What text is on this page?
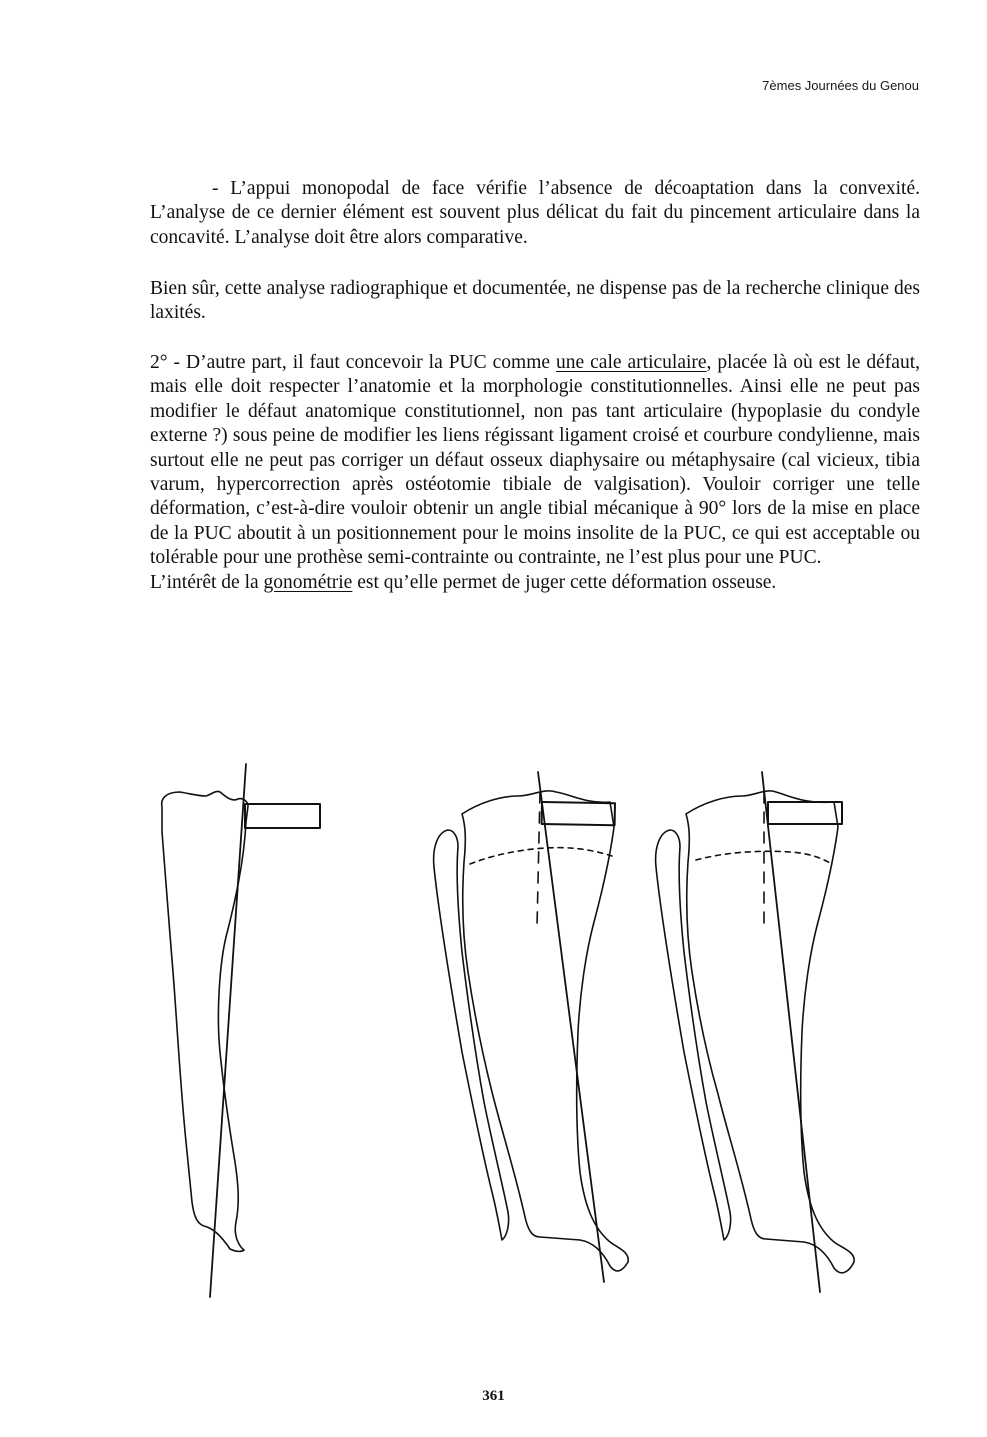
7èmes Journées du Genou

- L’appui monopodal de face vérifie l’absence de décoaptation dans la convexité. L’analyse de ce dernier élément est souvent plus délicat du fait du pincement articulaire dans la concavité. L’analyse doit être alors comparative.

Bien sûr, cette analyse radiographique et documentée, ne dispense pas de la recherche clinique des laxités.

2° - D’autre part, il faut concevoir la PUC comme une cale articulaire, placée là où est le défaut, mais elle doit respecter l’anatomie et la morphologie constitutionnelles. Ainsi elle ne peut pas modifier le défaut anatomique constitutionnel, non pas tant articulaire (hypoplasie du condyle externe ?) sous peine de modifier les liens régissant ligament croisé et courbure condylienne, mais surtout elle ne peut pas corriger un défaut osseux diaphysaire ou métaphysaire (cal vicieux, tibia varum, hypercorrection après ostéotomie tibiale de valgisation). Vouloir corriger une telle déformation, c’est-à-dire vouloir obtenir un angle tibial mécanique à 90° lors de la mise en place de la PUC aboutit à un positionnement pour le moins insolite de la PUC, ce qui est acceptable ou tolérable pour une prothèse semi-contrainte ou contrainte, ne l’est plus pour une PUC.

L’intérêt de la gonométrie est qu’elle permet de juger cette déformation osseuse.

361
